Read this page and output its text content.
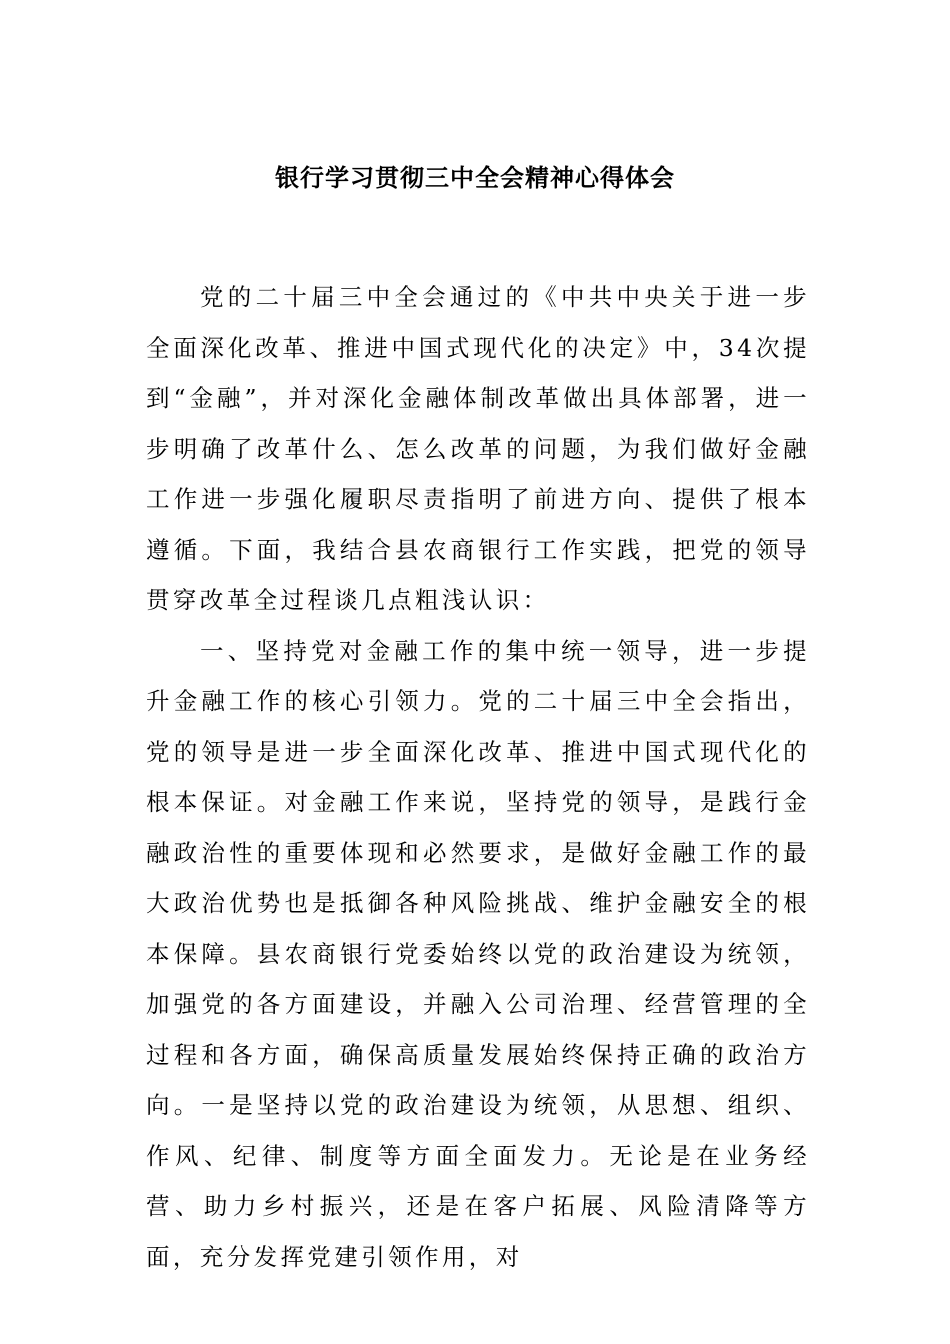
银行学习贯彻三中全会精神心得体会

党的二十届三中全会通过的《中共中央关于进一步全面深化改革、推进中国式现代化的决定》中，34次提到“金融”，并对深化金融体制改革做出具体部署，进一步明确了改革什么、怎么改革的问题，为我们做好金融工作进一步强化履职尽责指明了前进方向、提供了根本遵循。下面，我结合县农商银行工作实践，把党的领导贯穿改革全过程谈几点粗浅认识：

一、坚持党对金融工作的集中统一领导，进一步提升金融工作的核心引领力。党的二十届三中全会指出，党的领导是进一步全面深化改革、推进中国式现代化的根本保证。对金融工作来说，坚持党的领导，是践行金融政治性的重要体现和必然要求，是做好金融工作的最大政治优势也是抵御各种风险挑战、维护金融安全的根本保障。县农商银行党委始终以党的政治建设为统领，加强党的各方面建设，并融入公司治理、经营管理的全过程和各方面，确保高质量发展始终保持正确的政治方向。一是坚持以党的政治建设为统领，从思想、组织、作风、纪律、制度等方面全面发力。无论是在业务经营、助力乡村振兴，还是在客户拓展、风险清降等方面，充分发挥党建引领作用，对
